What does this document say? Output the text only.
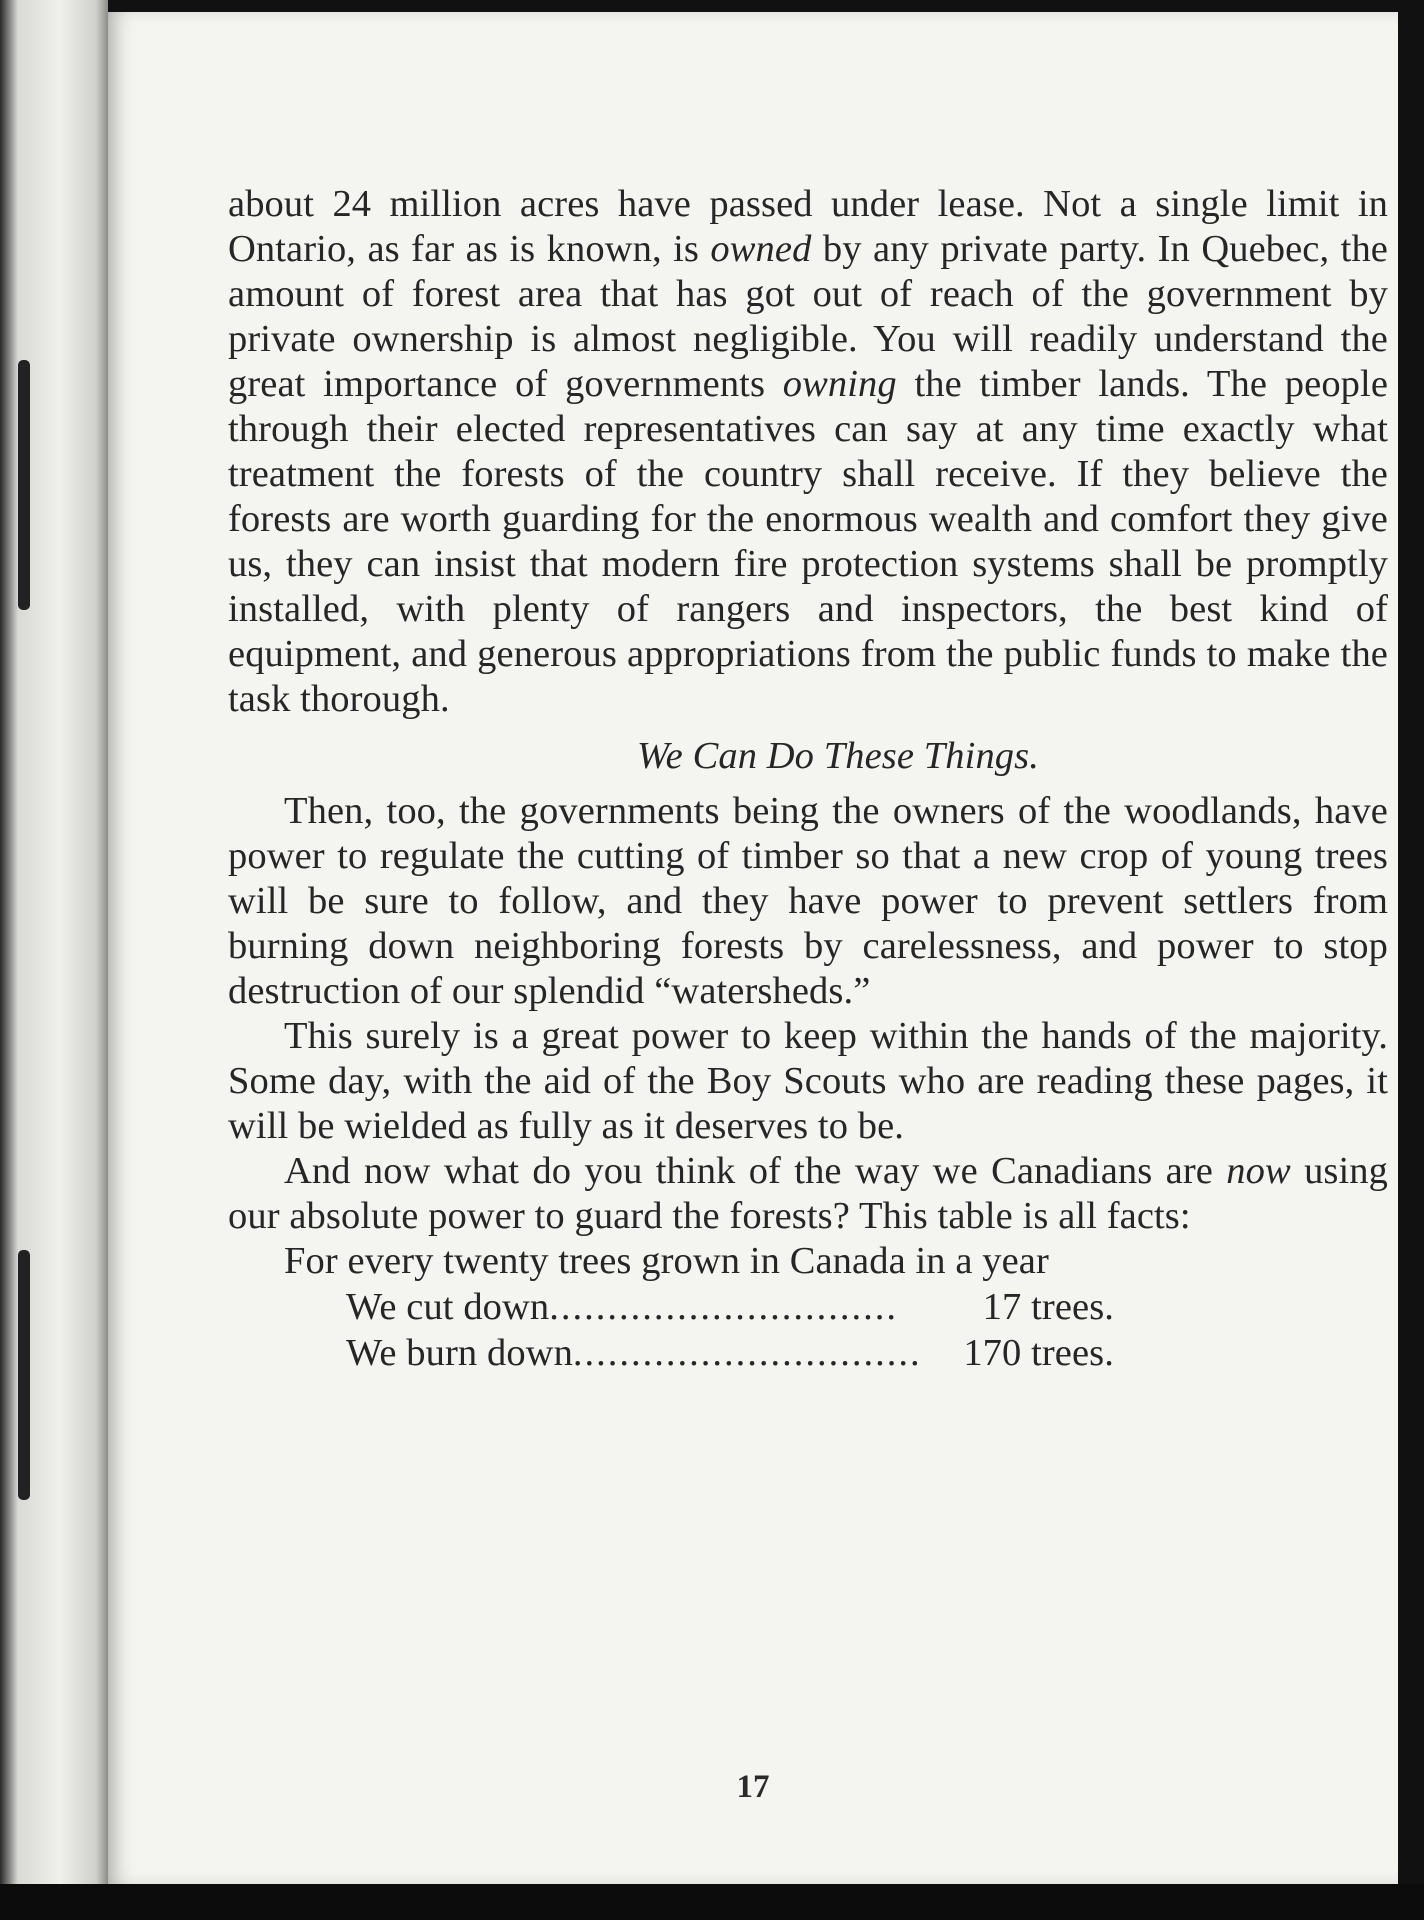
about 24 million acres have passed under lease. Not a single limit in Ontario, as far as is known, is owned by any private party. In Quebec, the amount of forest area that has got out of reach of the government by private ownership is almost negligible. You will readily understand the great importance of governments owning the timber lands. The people through their elected representatives can say at any time exactly what treatment the forests of the country shall receive. If they believe the forests are worth guarding for the enormous wealth and comfort they give us, they can insist that modern fire protection systems shall be promptly installed, with plenty of rangers and inspectors, the best kind of equipment, and generous appropriations from the public funds to make the task thorough.

We Can Do These Things.

Then, too, the governments being the owners of the woodlands, have power to regulate the cutting of timber so that a new crop of young trees will be sure to follow, and they have power to prevent settlers from burning down neighboring forests by carelessness, and power to stop destruction of our splendid “watersheds.”

This surely is a great power to keep within the hands of the majority. Some day, with the aid of the Boy Scouts who are reading these pages, it will be wielded as fully as it deserves to be.

And now what do you think of the way we Canadians are now using our absolute power to guard the forests? This table is all facts:

For every twenty trees grown in Canada in a year

We cut down ..............................	17 trees.
We burn down ..............................	170 trees.
17
